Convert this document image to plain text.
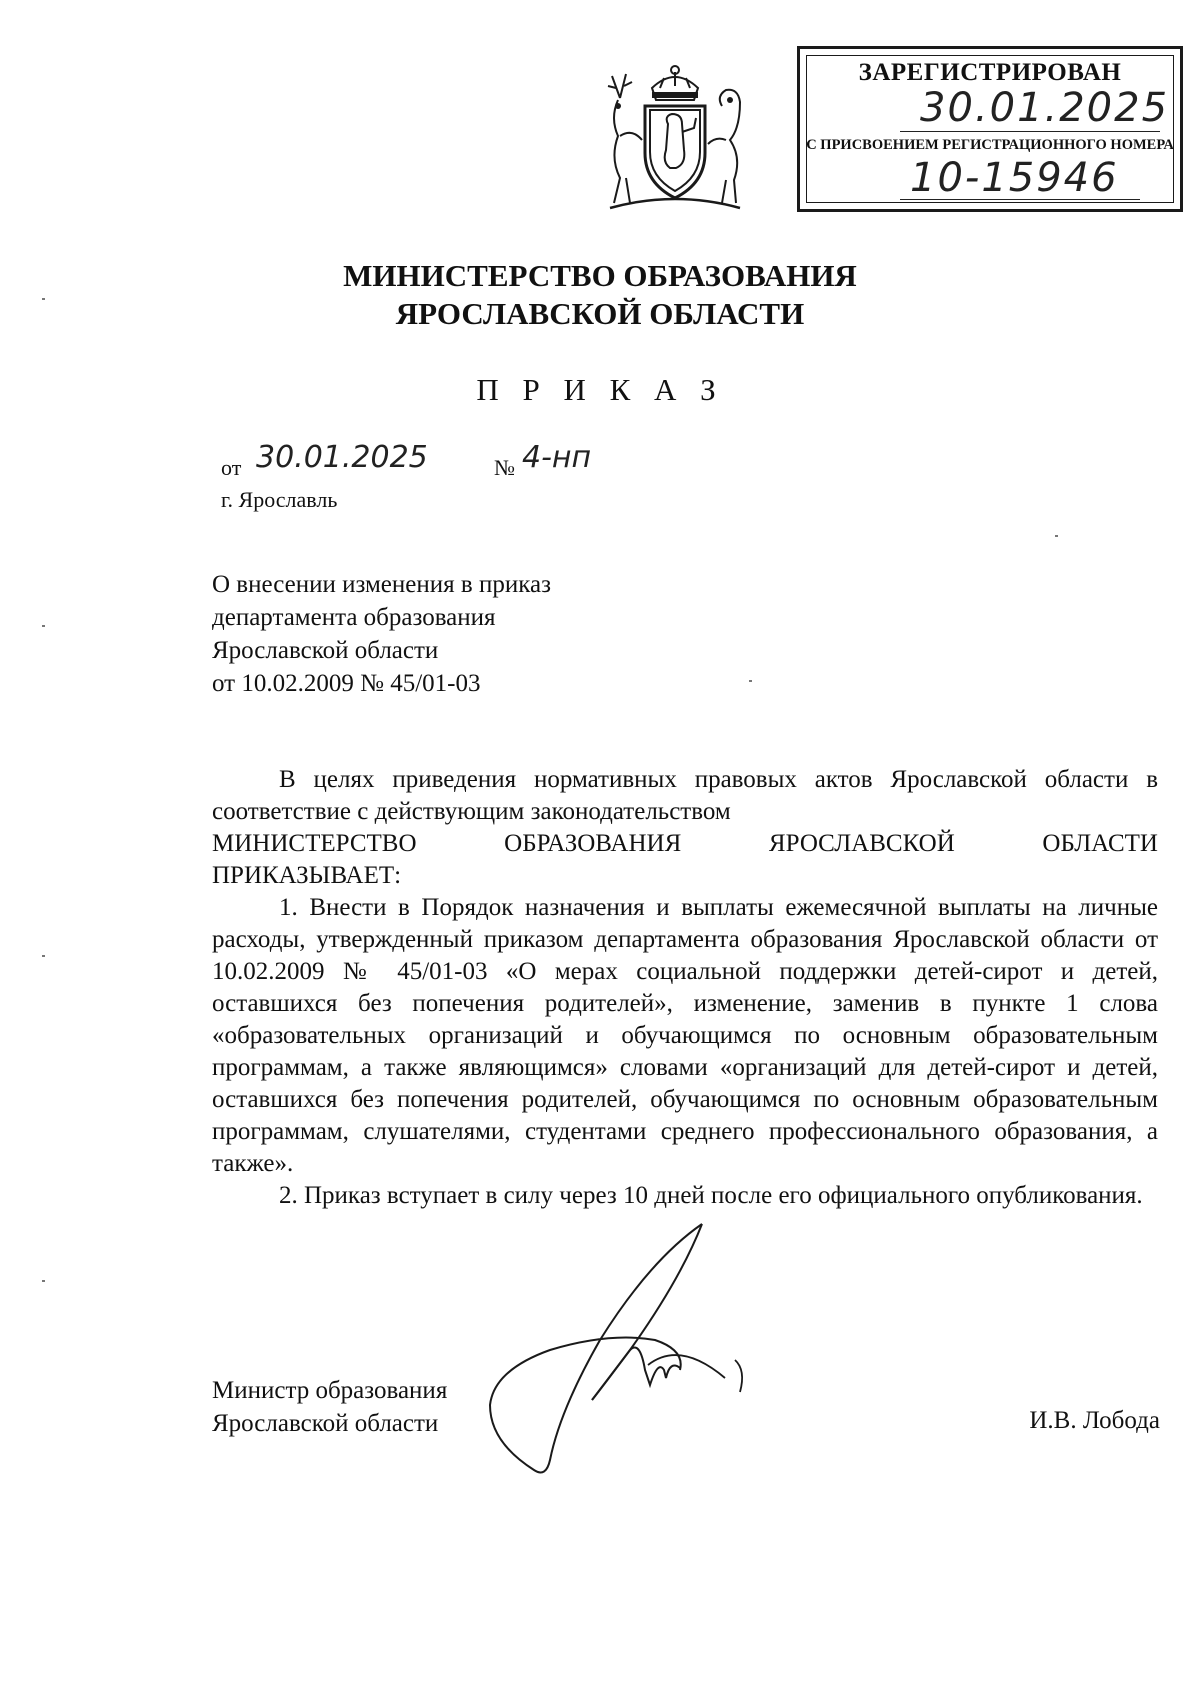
ЗАРЕГИСТРИРОВАН
30.01.2025
С ПРИСВОЕНИЕМ РЕГИСТРАЦИОННОГО НОМЕРА
10-15946
МИНИСТЕРСТВО ОБРАЗОВАНИЯ
ЯРОСЛАВСКОЙ ОБЛАСТИ
П Р И К А З
от 30.01.2025	№ 4-нп
г. Ярославль
О внесении изменения в приказ
департамента образования
Ярославской области
от 10.02.2009 № 45/01-03

В целях приведения нормативных правовых актов Ярославской области в соответствие с действующим законодательством

МИНИСТЕРСТВО ОБРАЗОВАНИЯ ЯРОСЛАВСКОЙ ОБЛАСТИ

ПРИКАЗЫВАЕТ:

1. Внести в Порядок назначения и выплаты ежемесячной выплаты на личные расходы, утвержденный приказом департамента образования Ярославской области от 10.02.2009 № 45/01-03 «О мерах социальной поддержки детей-сирот и детей, оставшихся без попечения родителей», изменение, заменив в пункте 1 слова «образовательных организаций и обучающимся по основным образовательным программам, а также являющимся» словами «организаций для детей-сирот и детей, оставшихся без попечения родителей, обучающимся по основным образовательным программам, слушателями, студентами среднего профессионального образования, а также».

2. Приказ вступает в силу через 10 дней после его официального опубликования.

Министр образования
Ярославской области	И.В. Лобода
